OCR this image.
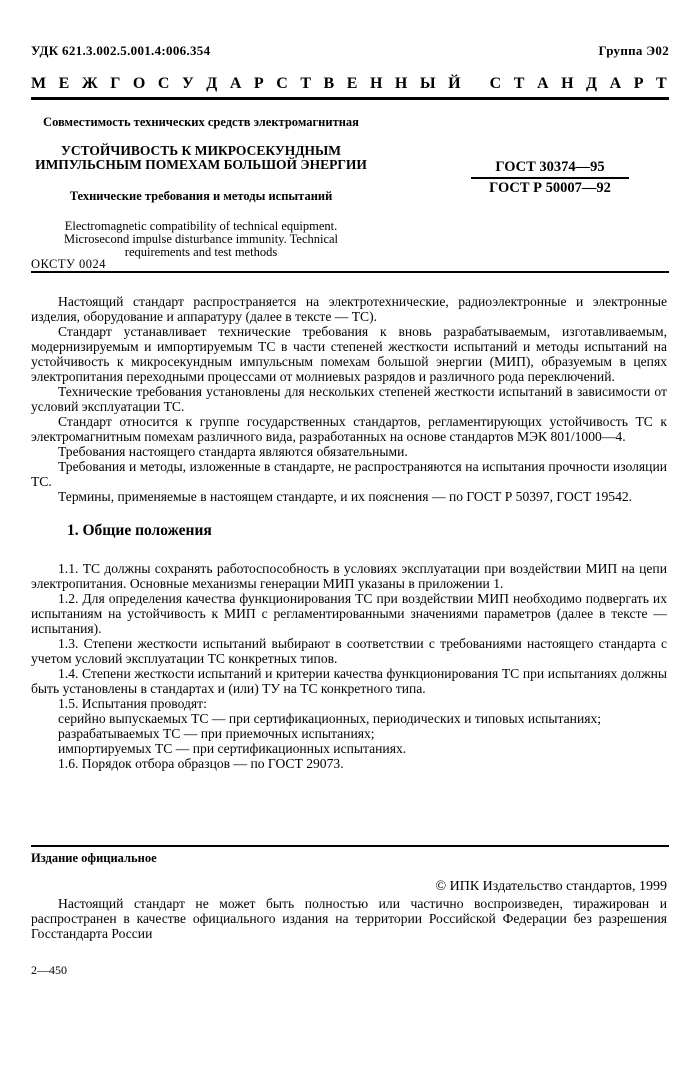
УДК 621.3.002.5.001.4:006.354	Группа Э02
М Е Ж Г О С У Д А Р С Т В Е Н Н Ы Й
С Т А Н Д А Р Т
Совместимость технических средств электромагнитная
УСТОЙЧИВОСТЬ К МИКРОСЕКУНДНЫМ
ИМПУЛЬСНЫМ ПОМЕХАМ БОЛЬШОЙ ЭНЕРГИИ
Технические требования и методы испытаний
Electromagnetic compatibility of technical equipment.
Microsecond impulse disturbance immunity. Technical
requirements and test methods
$\frac{\text{ГОСТ 30374—95}}{\text{ГОСТ Р 50007—92}}$
ОКСТУ 0024

Настоящий стандарт распространяется на электротехнические, радиоэлектронные и электронные изделия, оборудование и аппаратуру (далее в тексте — ТС).

Стандарт устанавливает технические требования к вновь разрабатываемым, изготавливаемым, модернизируемым и импортируемым ТС в части степеней жесткости испытаний и методы испытаний на устойчивость к микросекундным импульсным помехам большой энергии (МИП), образуемым в цепях электропитания переходными процессами от молниевых разрядов и различного рода переключений.

Технические требования установлены для нескольких степеней жесткости испытаний в зависимости от условий эксплуатации ТС.

Стандарт относится к группе государственных стандартов, регламентирующих устойчивость ТС к электромагнитным помехам различного вида, разработанных на основе стандартов МЭК 801/1000—4.

Требования настоящего стандарта являются обязательными.

Требования и методы, изложенные в стандарте, не распространяются на испытания прочности изоляции ТС.

Термины, применяемые в настоящем стандарте, и их пояснения — по ГОСТ Р 50397, ГОСТ 19542.

1. Общие положения

1.1. ТС должны сохранять работоспособность в условиях эксплуатации при воздействии МИП на цепи электропитания. Основные механизмы генерации МИП указаны в приложении 1.

1.2. Для определения качества функционирования ТС при воздействии МИП необходимо подвергать их испытаниям на устойчивость к МИП с регламентированными значениями параметров (далее в тексте — испытания).

1.3. Степени жесткости испытаний выбирают в соответствии с требованиями настоящего стандарта с учетом условий эксплуатации ТС конкретных типов.

1.4. Степени жесткости испытаний и критерии качества функционирования ТС при испытаниях должны быть установлены в стандартах и (или) ТУ на ТС конкретного типа.

1.5. Испытания проводят:

серийно выпускаемых ТС — при сертификационных, периодических и типовых испытаниях;

разрабатываемых ТС — при приемочных испытаниях;

импортируемых ТС — при сертификационных испытаниях.

1.6. Порядок отбора образцов — по ГОСТ 29073.

Издание официальное
© ИПК Издательство стандартов, 1999

Настоящий стандарт не может быть полностью или частично воспроизведен, тиражирован и распространен в качестве официального издания на территории Российской Федерации без разрешения Госстандарта России

2—450
